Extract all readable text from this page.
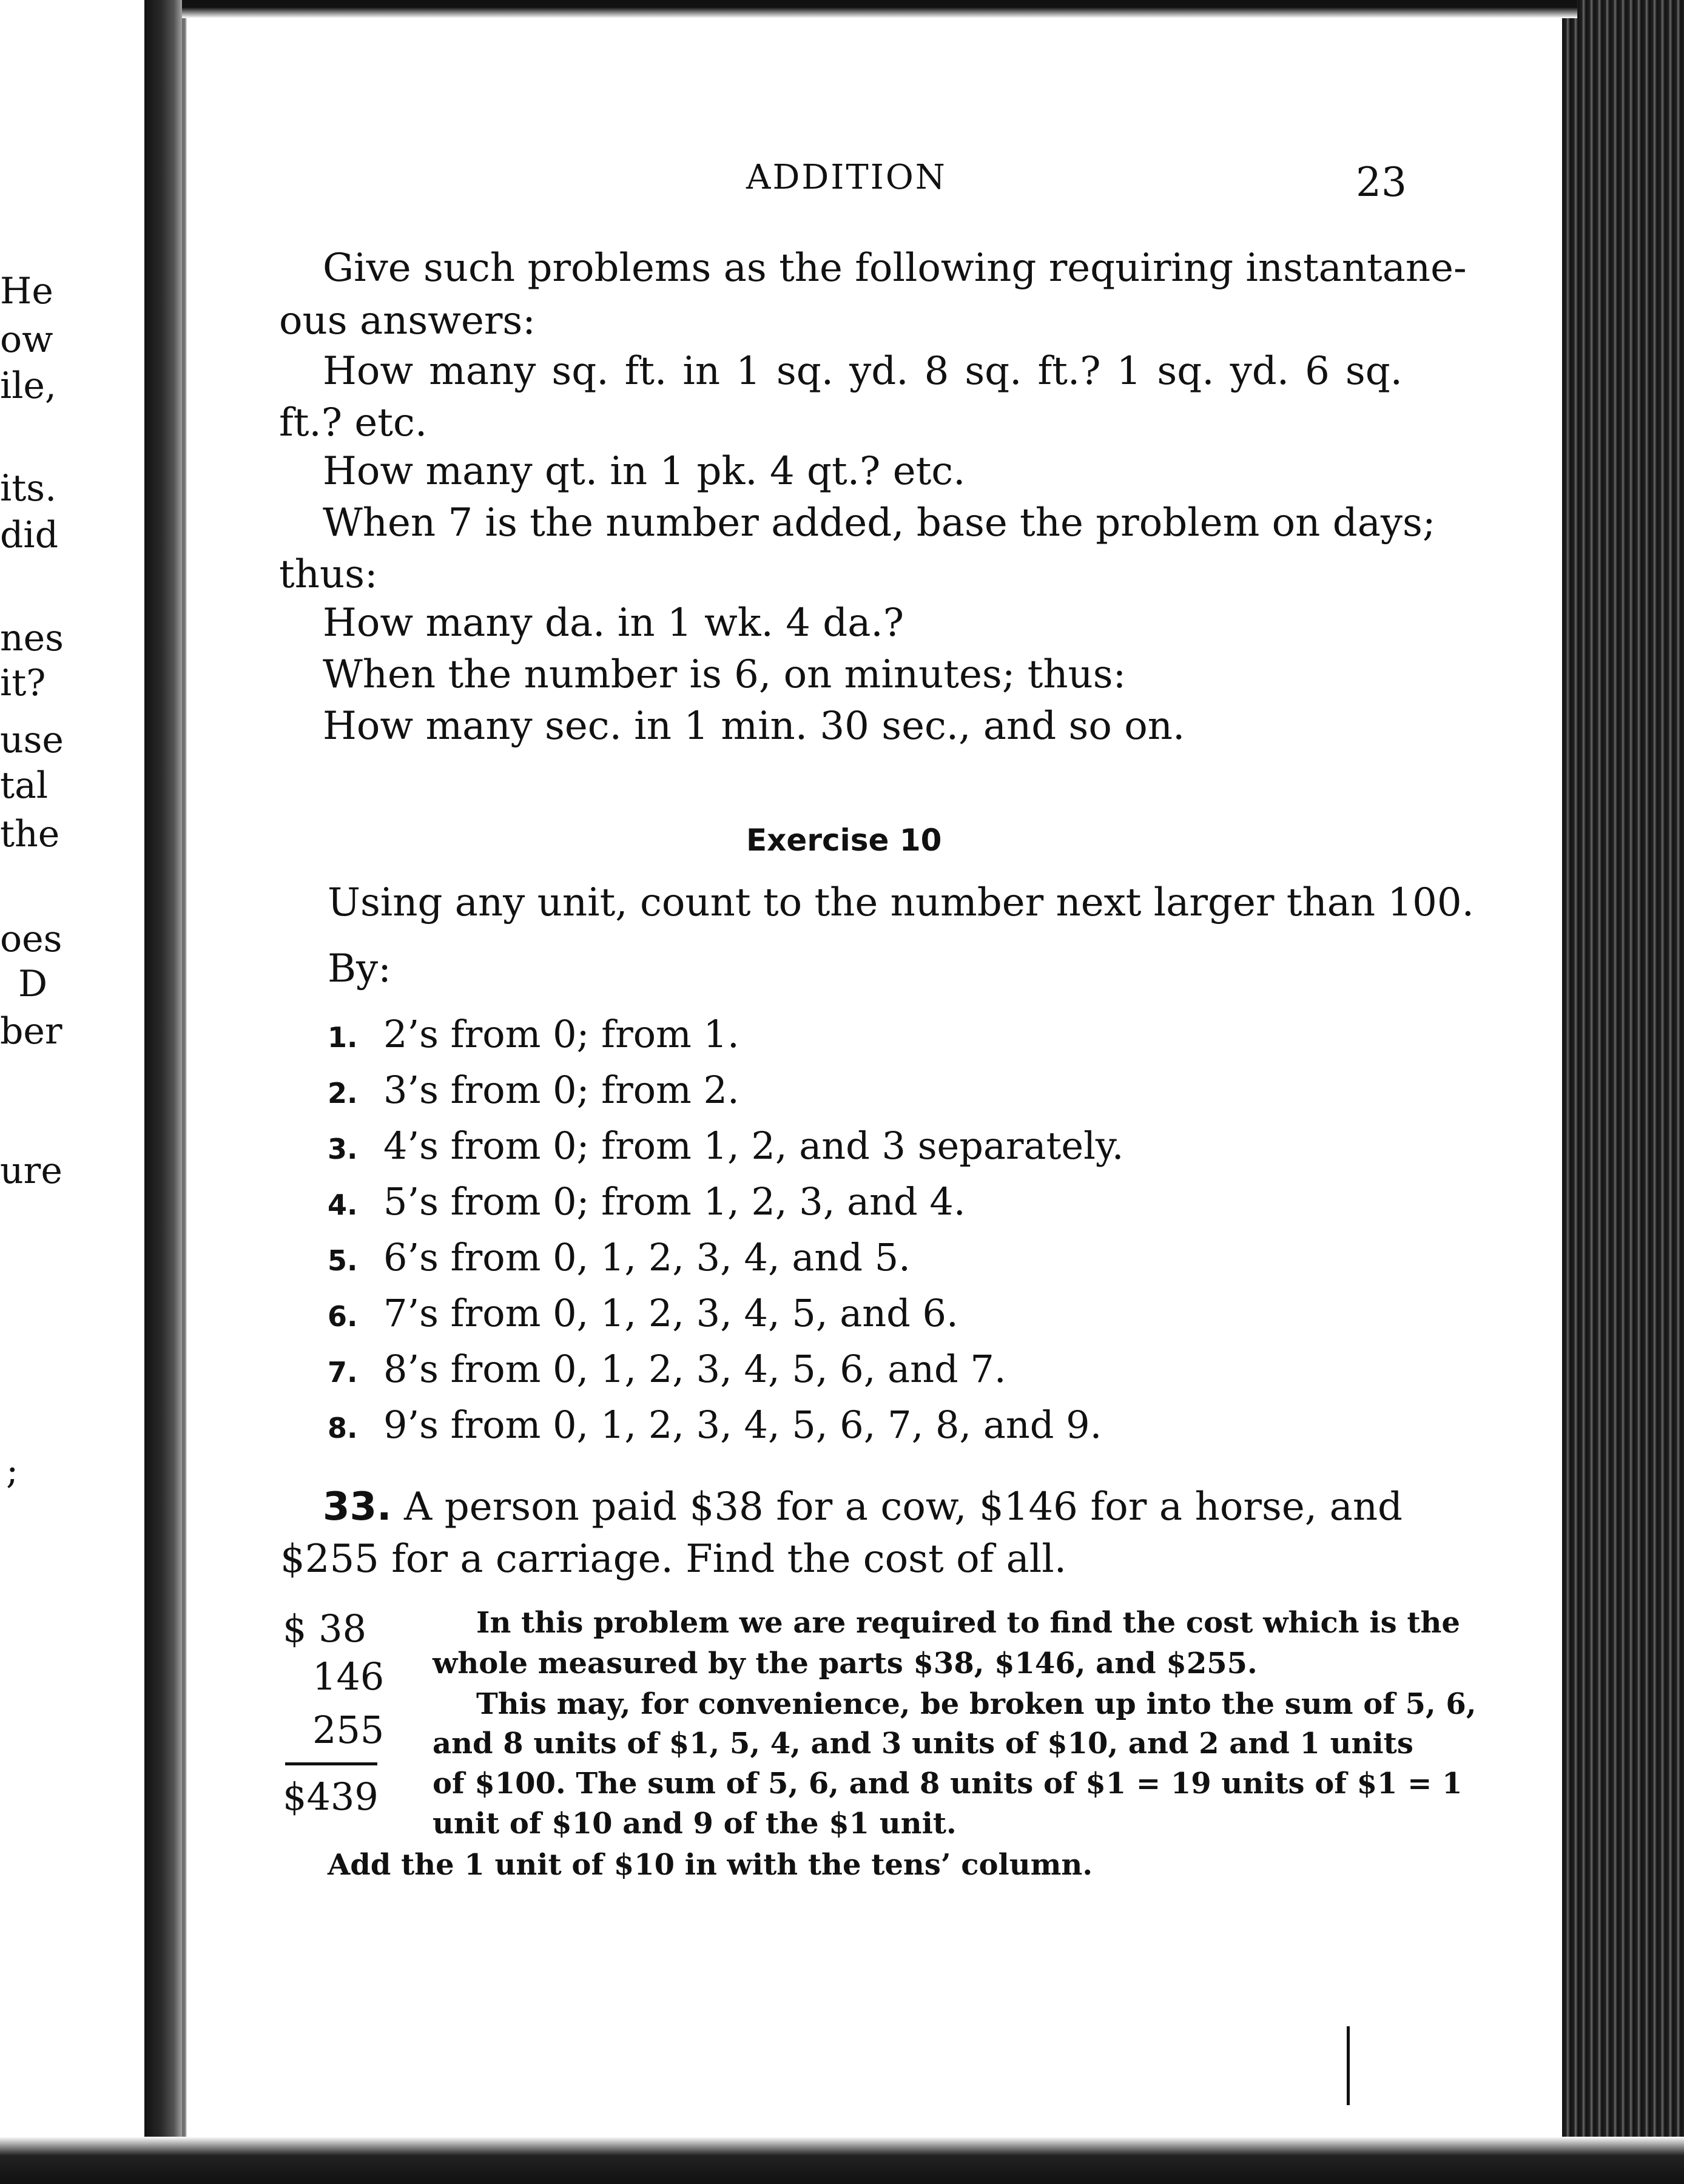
He
ow
ile,
its.
did
nes
it?
use
tal
the
oes
D
ber
ure
;
ADDITION	23
Give such problems as the following requiring instantane-
ous answers:
How many sq. ft. in 1 sq. yd. 8 sq. ft.? 1 sq. yd. 6 sq.
ft.? etc.
How many qt. in 1 pk. 4 qt.? etc.
When 7 is the number added, base the problem on days;
thus:
How many da. in 1 wk. 4 da.?
When the number is 6, on minutes; thus:
How many sec. in 1 min. 30 sec., and so on.
Exercise 10
Using any unit, count to the number next larger than 100.
By:
1. 2’s from 0; from 1.
2. 3’s from 0; from 2.
3. 4’s from 0; from 1, 2, and 3 separately.
4. 5’s from 0; from 1, 2, 3, and 4.
5. 6’s from 0, 1, 2, 3, 4, and 5.
6. 7’s from 0, 1, 2, 3, 4, 5, and 6.
7. 8’s from 0, 1, 2, 3, 4, 5, 6, and 7.
8. 9’s from 0, 1, 2, 3, 4, 5, 6, 7, 8, and 9.
33. A person paid $38 for a cow, $146 for a horse, and
$255 for a carriage. Find the cost of all.
$ 38
146
255
$439
In this problem we are required to find the cost which is the
whole measured by the parts $38, $146, and $255.
This may, for convenience, be broken up into the sum of 5, 6,
and 8 units of $1, 5, 4, and 3 units of $10, and 2 and 1 units
of $100. The sum of 5, 6, and 8 units of $1 = 19 units of $1 = 1
unit of $10 and 9 of the $1 unit.
Add the 1 unit of $10 in with the tens’ column.
